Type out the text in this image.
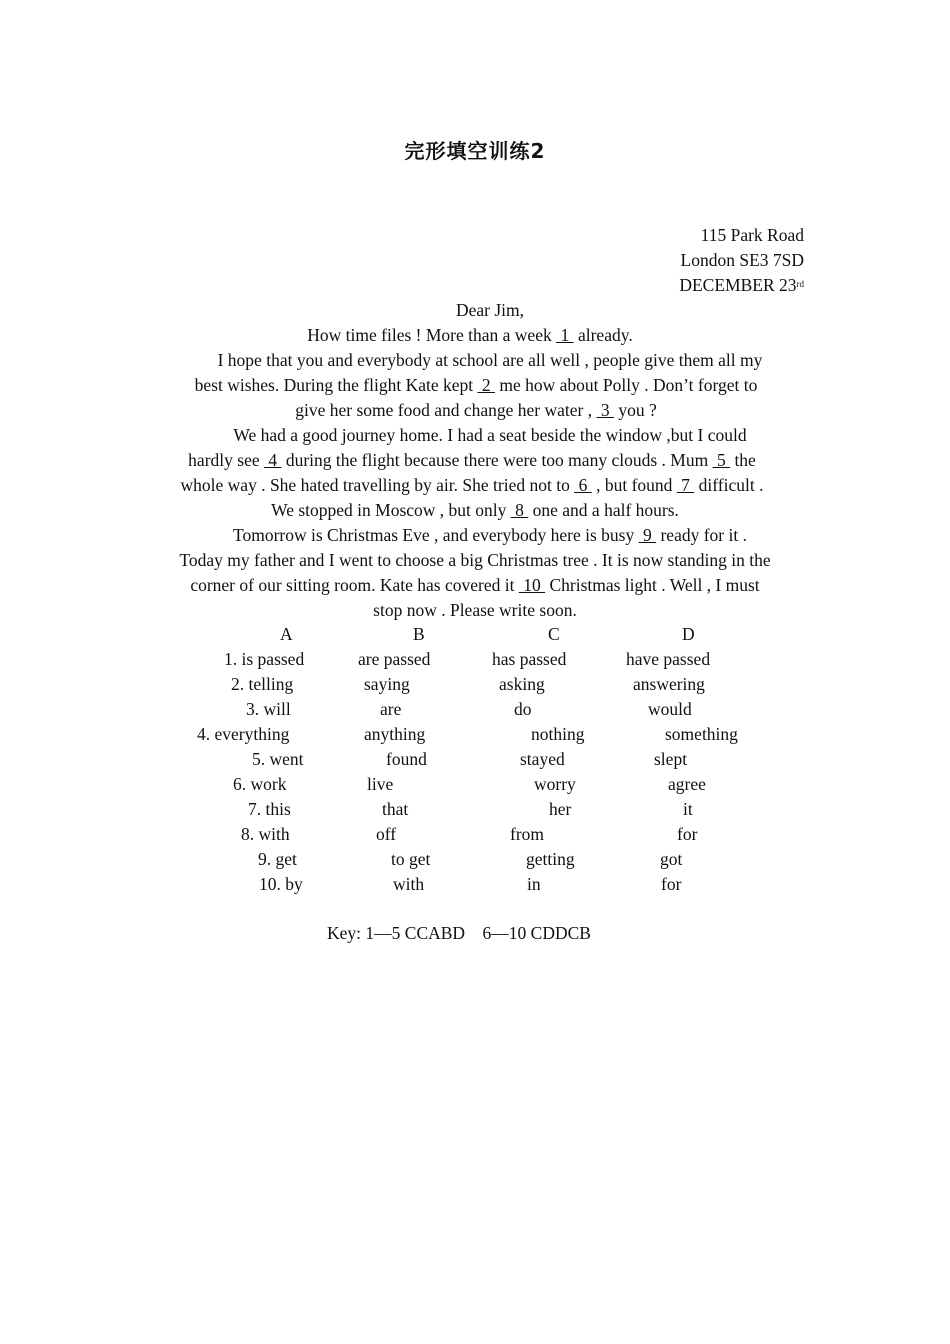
完形填空训练2
115 Park Road
London SE3 7SD
DECEMBER 23rd
Dear Jim,
How time files ! More than a week  1  already.
I hope that you and everybody at school are all well , people give them all my
best wishes. During the flight Kate kept  2  me how about Polly . Don’t forget to
give her some food and change her water ,  3  you ?
We had a good journey home. I had a seat beside the window ,but I could
hardly see  4  during the flight because there were too many clouds . Mum  5  the
whole way . She hated travelling by air. She tried not to  6  , but found  7  difficult .
We stopped in Moscow , but only  8  one and a half hours.
Tomorrow is Christmas Eve , and everybody here is busy  9  ready for it .
Today my father and I went to choose a big Christmas tree . It is now standing in the
corner of our sitting room. Kate has covered it  10  Christmas light . Well , I must
stop now . Please write soon.
A	B	C	D
1. is passed	are passed	has passed	have passed
2. telling	saying	asking	answering
3. will	are	do	would
4. everything	anything	nothing	something
5. went	found	stayed	slept
6. work	live	worry	agree
7. this	that	her	it
8. with	off	from	for
9. get	to get	getting	got
10. by	with	in	for
Key: 1—5 CCABD    6—10 CDDCB
